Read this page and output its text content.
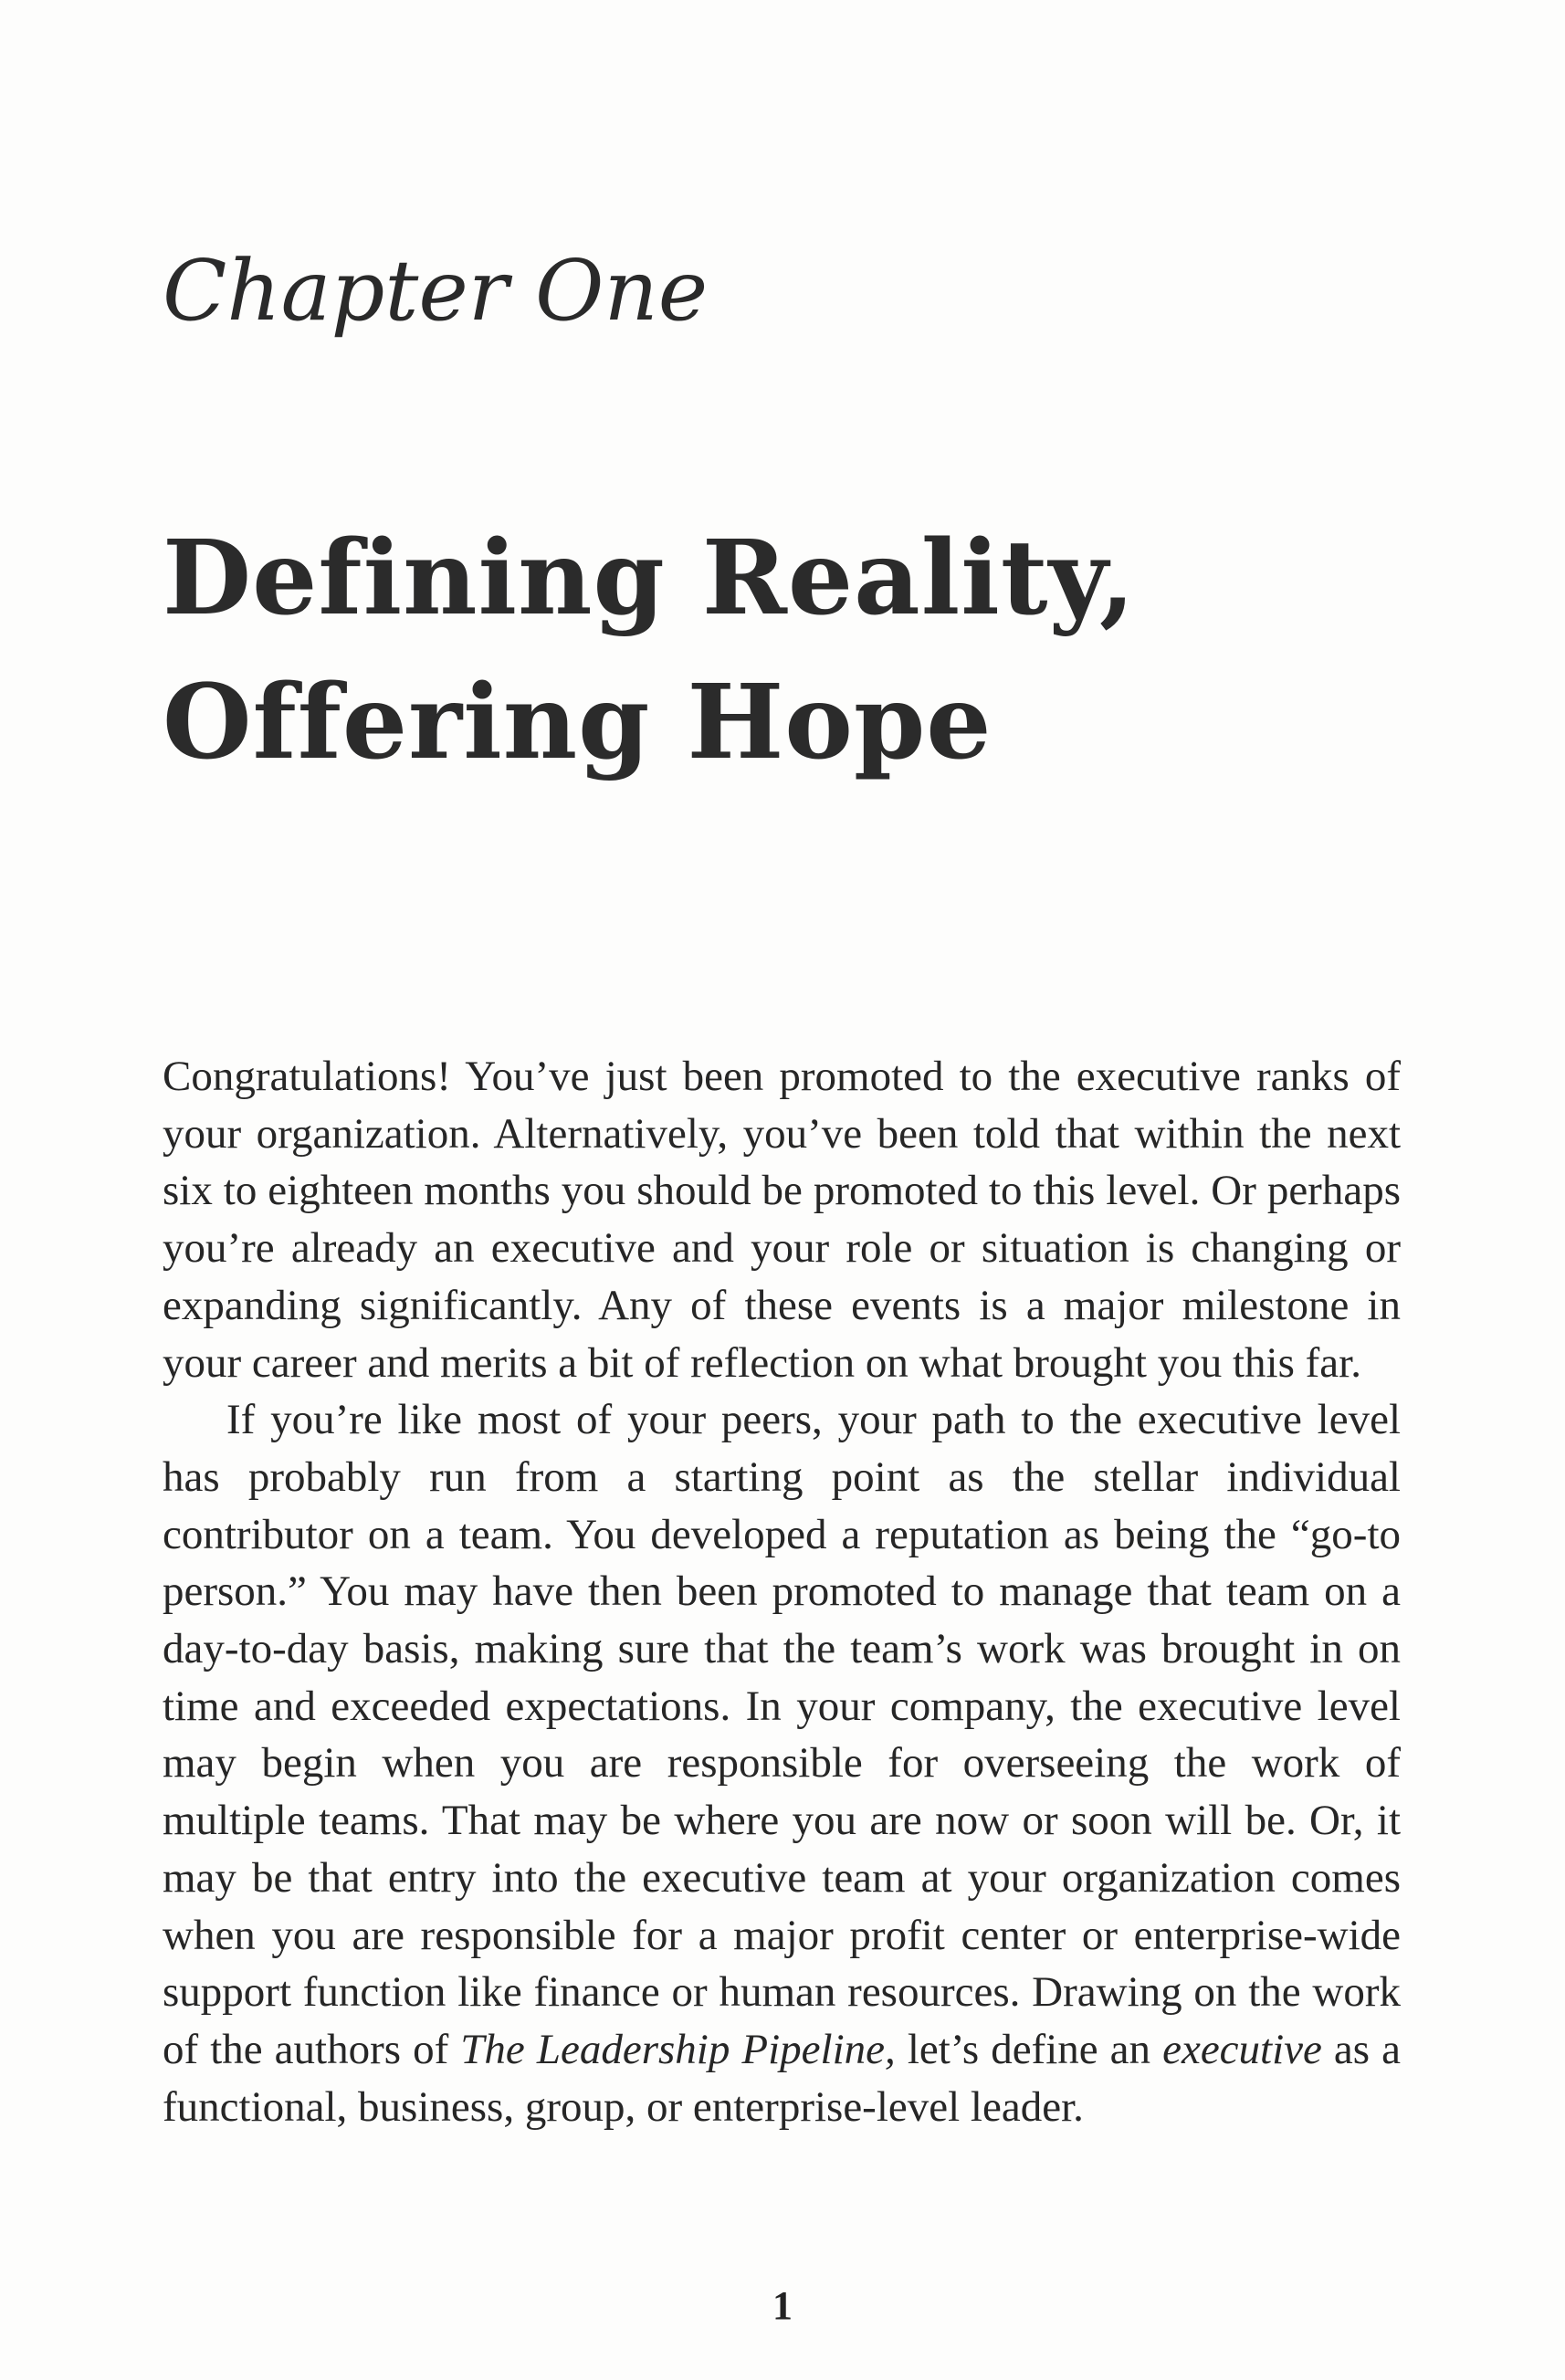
Chapter One
Defining Reality,
Offering Hope

Congratulations! You’ve just been promoted to the executive ranks of your organization. Alternatively, you’ve been told that within the next six to eighteen months you should be promoted to this level. Or perhaps you’re already an executive and your role or situation is changing or expanding significantly. Any of these events is a major milestone in your career and merits a bit of reflection on what brought you this far.

If you’re like most of your peers, your path to the executive level has probably run from a starting point as the stellar individual contributor on a team. You developed a reputation as being the “go-to person.” You may have then been promoted to manage that team on a day-to-day basis, making sure that the team’s work was brought in on time and exceeded expectations. In your company, the executive level may begin when you are responsible for overseeing the work of multiple teams. That may be where you are now or soon will be. Or, it may be that entry into the executive team at your organization comes when you are responsible for a major profit center or enterprise-wide support function like finance or human resources. Drawing on the work of the authors of The Leadership Pipeline, let’s define an executive as a functional, business, group, or enterprise-level leader.

1
